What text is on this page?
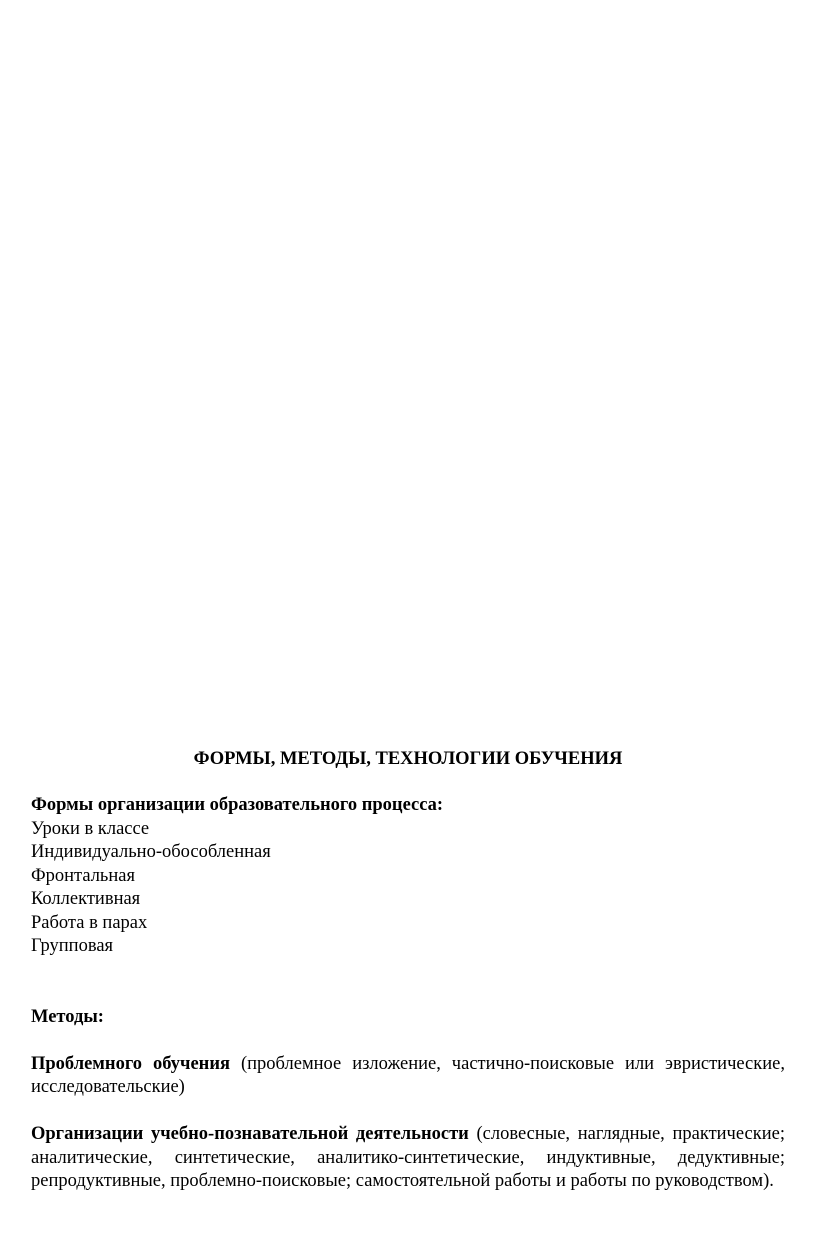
ФОРМЫ, МЕТОДЫ, ТЕХНОЛОГИИ ОБУЧЕНИЯ

Формы организации образовательного процесса:

Уроки в классе

Индивидуально-обособленная

Фронтальная

Коллективная

Работа в парах

Групповая

Методы:

Проблемного обучения (проблемное изложение, частично-поисковые или эвристические, исследовательские)

Организации учебно-познавательной деятельности (словесные, наглядные, практические; аналитические, синтетические, аналитико-синтетические, индуктивные, дедуктивные; репродуктивные, проблемно-поисковые; самостоятельной работы и работы по руководством).
